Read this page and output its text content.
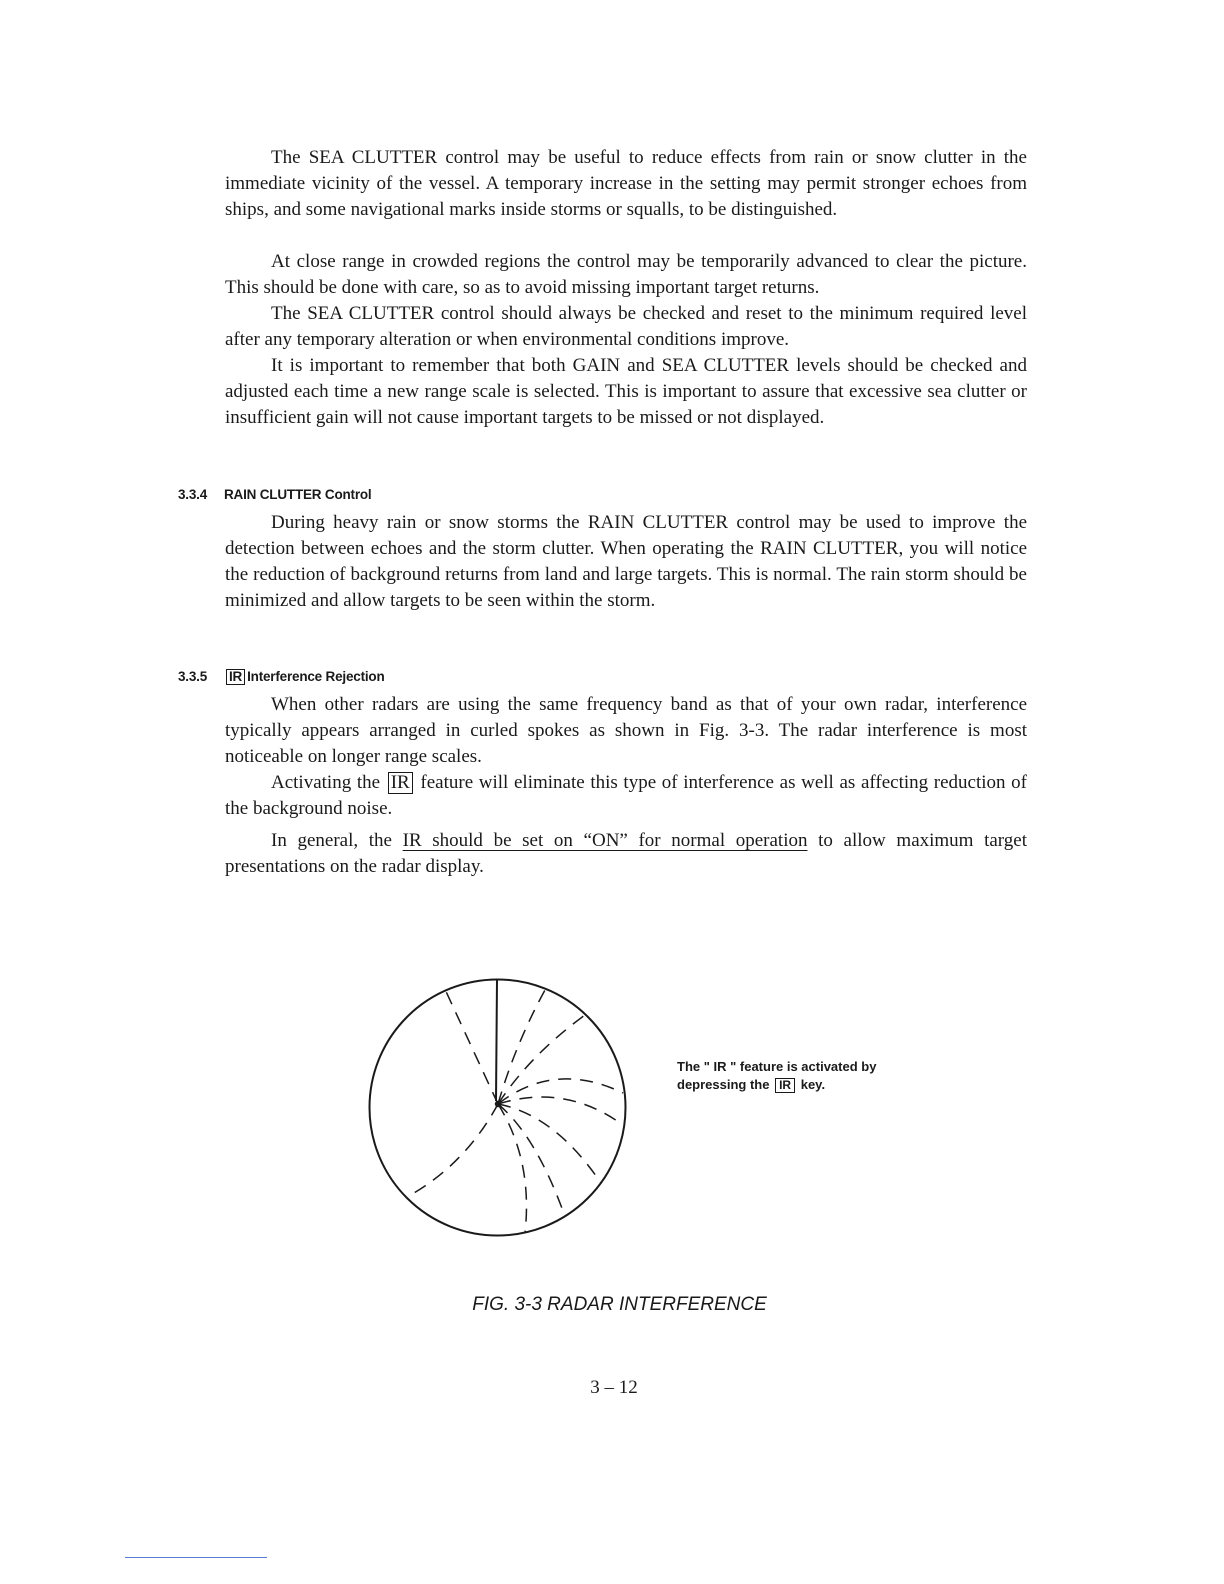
The SEA CLUTTER control may be useful to reduce effects from rain or snow clutter in the immediate vicinity of the vessel. A temporary increase in the setting may permit stronger echoes from ships, and some navigational marks inside storms or squalls, to be distinguished.

At close range in crowded regions the control may be temporarily advanced to clear the picture. This should be done with care, so as to avoid missing important target returns.

The SEA CLUTTER control should always be checked and reset to the minimum required level after any temporary alteration or when environmental conditions improve.

It is important to remember that both GAIN and SEA CLUTTER levels should be checked and adjusted each time a new range scale is selected. This is important to assure that excessive sea clutter or insufficient gain will not cause important targets to be missed or not displayed.

3.3.4 RAIN CLUTTER Control

During heavy rain or snow storms the RAIN CLUTTER control may be used to improve the detection between echoes and the storm clutter. When operating the RAIN CLUTTER, you will notice the reduction of background returns from land and large targets. This is normal. The rain storm should be minimized and allow targets to be seen within the storm.

3.3.5 IR Interference Rejection

When other radars are using the same frequency band as that of your own radar, interference typically appears arranged in curled spokes as shown in Fig. 3-3. The radar interference is most noticeable on longer range scales.

Activating the IR feature will eliminate this type of interference as well as affecting reduction of the background noise.

In general, the IR should be set on “ON” for normal operation to allow maximum target presentations on the radar display.

The " IR " feature is activated by
depressing the IR key.

FIG. 3-3 RADAR INTERFERENCE

3 – 12
